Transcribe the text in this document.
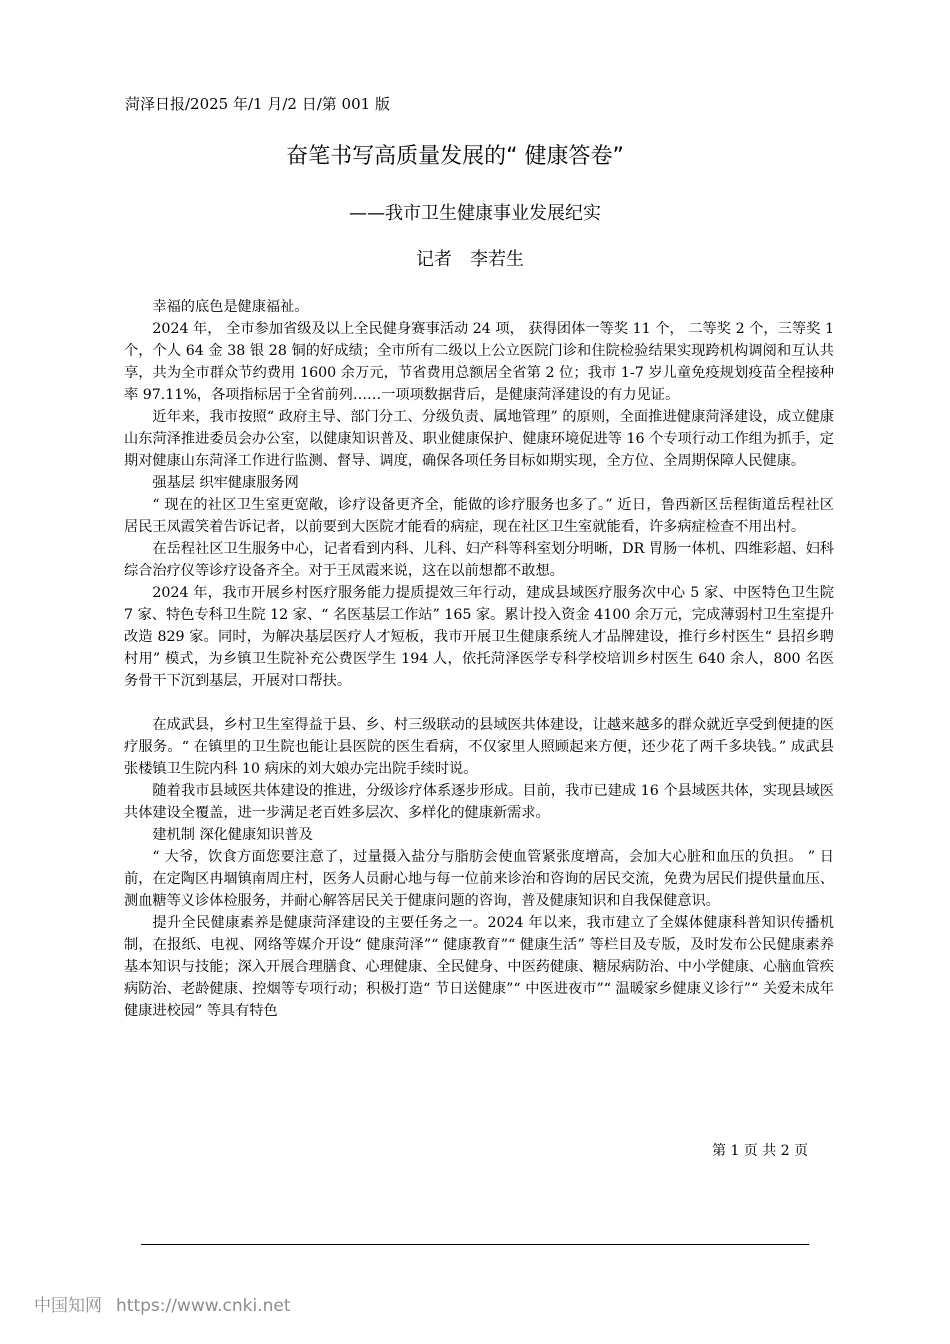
菏泽日报/2025 年/1 月/2 日/第 001 版
奋笔书写高质量发展的“ 健康答卷”
——我市卫生健康事业发展纪实
记者　李若生

幸福的底色是健康福祉。

2024 年， 全市参加省级及以上全民健身赛事活动 24 项， 获得团体一等奖 11 个， 二等奖 2 个，三等奖 1 个，个人 64 金 38 银 28 铜的好成绩；全市所有二级以上公立医院门诊和住院检验结果实现跨机构调阅和互认共享，共为全市群众节约费用 1600 余万元，节省费用总额居全省第 2 位；我市 1-7 岁儿童免疫规划疫苗全程接种率 97.11%，各项指标居于全省前列……一项项数据背后，是健康菏泽建设的有力见证。

近年来，我市按照“ 政府主导、部门分工、分级负责、属地管理” 的原则，全面推进健康菏泽建设，成立健康山东菏泽推进委员会办公室，以健康知识普及、职业健康保护、健康环境促进等 16 个专项行动工作组为抓手，定期对健康山东菏泽工作进行监测、督导、调度，确保各项任务目标如期实现，全方位、全周期保障人民健康。

强基层 织牢健康服务网

“ 现在的社区卫生室更宽敞，诊疗设备更齐全，能做的诊疗服务也多了。” 近日，鲁西新区岳程街道岳程社区居民王凤霞笑着告诉记者，以前要到大医院才能看的病症，现在社区卫生室就能看，许多病症检查不用出村。

在岳程社区卫生服务中心，记者看到内科、儿科、妇产科等科室划分明晰，DR 胃肠一体机、四维彩超、妇科综合治疗仪等诊疗设备齐全。对于王凤霞来说，这在以前想都不敢想。

2024 年，我市开展乡村医疗服务能力提质提效三年行动，建成县域医疗服务次中心 5 家、中医特色卫生院 7 家、特色专科卫生院 12 家、“ 名医基层工作站” 165 家。累计投入资金 4100 余万元，完成薄弱村卫生室提升改造 829 家。同时，为解决基层医疗人才短板，我市开展卫生健康系统人才品牌建设，推行乡村医生“ 县招乡聘村用” 模式，为乡镇卫生院补充公费医学生 194 人，依托菏泽医学专科学校培训乡村医生 640 余人，800 名医务骨干下沉到基层，开展对口帮扶。

在成武县，乡村卫生室得益于县、乡、村三级联动的县域医共体建设，让越来越多的群众就近享受到便捷的医疗服务。“ 在镇里的卫生院也能让县医院的医生看病，不仅家里人照顾起来方便，还少花了两千多块钱。” 成武县张楼镇卫生院内科 10 病床的刘大娘办完出院手续时说。

随着我市县域医共体建设的推进，分级诊疗体系逐步形成。目前，我市已建成 16 个县域医共体，实现县域医共体建设全覆盖，进一步满足老百姓多层次、多样化的健康新需求。

建机制 深化健康知识普及

“ 大爷，饮食方面您要注意了，过量摄入盐分与脂肪会使血管紧张度增高，会加大心脏和血压的负担。 ” 日前，在定陶区冉堌镇南周庄村，医务人员耐心地与每一位前来诊治和咨询的居民交流，免费为居民们提供量血压、测血糖等义诊体检服务，并耐心解答居民关于健康问题的咨询，普及健康知识和自我保健意识。

提升全民健康素养是健康菏泽建设的主要任务之一。2024 年以来，我市建立了全媒体健康科普知识传播机制，在报纸、电视、网络等媒介开设“ 健康菏泽”“ 健康教育”“ 健康生活” 等栏目及专版，及时发布公民健康素养基本知识与技能；深入开展合理膳食、心理健康、全民健身、中医药健康、糖尿病防治、中小学健康、心脑血管疾病防治、老龄健康、控烟等专项行动；积极打造“ 节日送健康”“ 中医进夜市”“ 温暖家乡健康义诊行”“ 关爱未成年健康进校园” 等具有特色

第 1 页 共 2 页
中国知网 https://www.cnki.net
